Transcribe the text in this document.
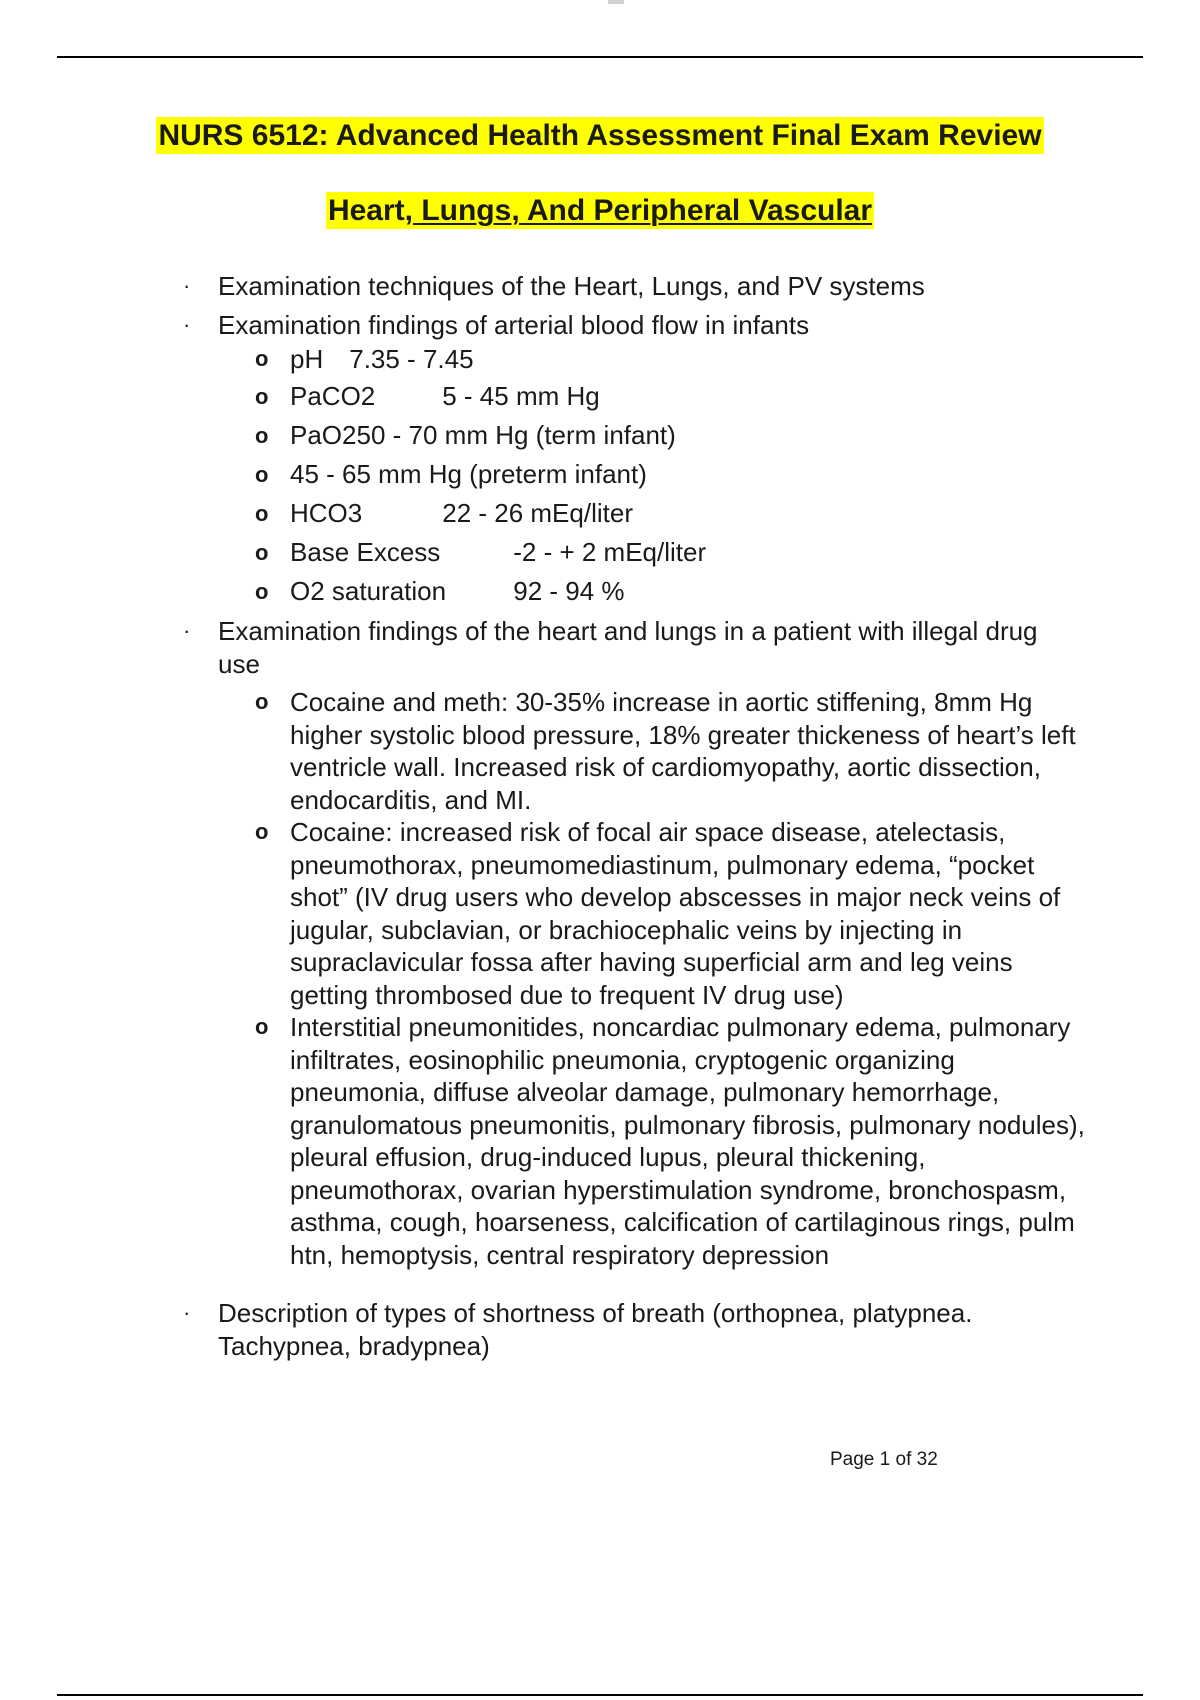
NURS 6512: Advanced Health Assessment Final Exam Review
Heart, Lungs, And Peripheral Vascular
· Examination techniques of the Heart, Lungs, and PV systems
· Examination findings of arterial blood flow in infants
o pH 7.35 - 7.45
o PaCO2	5 - 45 mm Hg
o PaO250 - 70 mm Hg (term infant)
o 45 - 65 mm Hg (preterm infant)
o HCO3	22 - 26 mEq/liter
o Base Excess	-2 - + 2 mEq/liter
o O2 saturation	92 - 94 %
· Examination findings of the heart and lungs in a patient with illegal drug use
o Cocaine and meth: 30-35% increase in aortic stiffening, 8mm Hg higher systolic blood pressure, 18% greater thickeness of heart’s left ventricle wall. Increased risk of cardiomyopathy, aortic dissection, endocarditis, and MI.
o Cocaine: increased risk of focal air space disease, atelectasis, pneumothorax, pneumomediastinum, pulmonary edema, “pocket shot” (IV drug users who develop abscesses in major neck veins of jugular, subclavian, or brachiocephalic veins by injecting in supraclavicular fossa after having superficial arm and leg veins getting thrombosed due to frequent IV drug use)
o Interstitial pneumonitides, noncardiac pulmonary edema, pulmonary infiltrates, eosinophilic pneumonia, cryptogenic organizing pneumonia, diffuse alveolar damage, pulmonary hemorrhage, granulomatous pneumonitis, pulmonary fibrosis, pulmonary nodules), pleural effusion, drug-induced lupus, pleural thickening, pneumothorax, ovarian hyperstimulation syndrome, bronchospasm, asthma, cough, hoarseness, calcification of cartilaginous rings, pulm htn, hemoptysis, central respiratory depression
· Description of types of shortness of breath (orthopnea, platypnea. Tachypnea, bradypnea)
Page 1 of 32
